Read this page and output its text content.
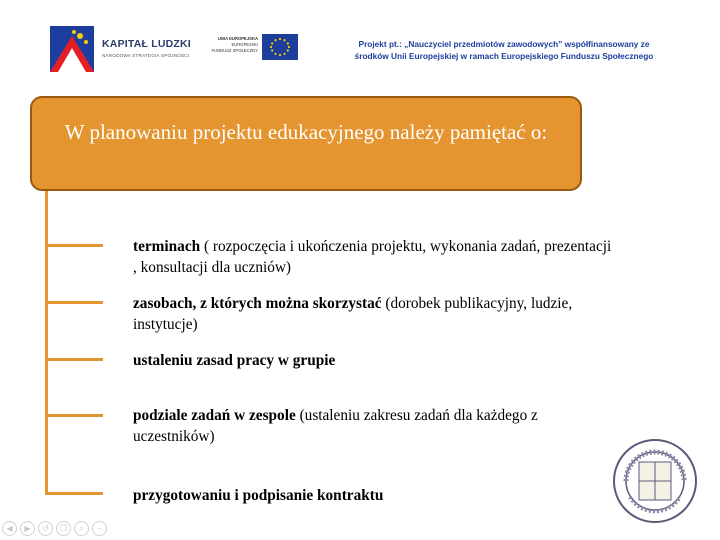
KAPITAŁ LUDZKI
NARODOWA STRATEGIA SPÓJNOŚCI
UNIA EUROPEJSKA
EUROPEJSKI
FUNDUSZ SPOŁECZNY
Projekt pt.: „Nauczyciel przedmiotów zawodowych” współfinansowany ze
środków Unii Europejskiej w ramach Europejskiego Funduszu Społecznego
W planowaniu projektu edukacyjnego należy pamiętać o:
terminach ( rozpoczęcia i ukończenia projektu, wykonania zadań, prezentacji , konsultacji dla uczniów)
zasobach, z których można skorzystać (dorobek publikacyjny, ludzie, instytucje)
ustaleniu zasad pracy w grupie
podziale zadań w zespole (ustaleniu zakresu zadań dla każdego z uczestników)
przygotowaniu i podpisanie kontraktu
◀	▶	↺	❐	⌕	–
